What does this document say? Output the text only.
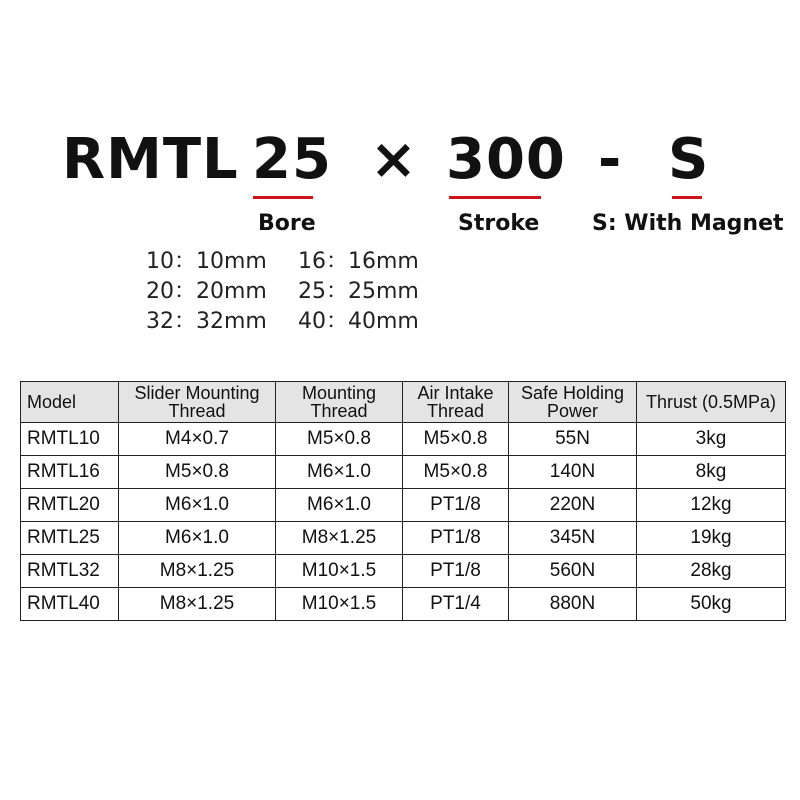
RMTL 25 × 300 - S
Bore	Stroke S: With Magnet
10：10mm 16：16mm
20：20mm 25：25mm
32：32mm 40：40mm
Model	Slider Mounting Thread	Mounting Thread	Air Intake Thread	Safe Holding Power	Thrust (0.5MPa)
RMTL10	M4×0.7	M5×0.8	M5×0.8	55N	3kg
RMTL16	M5×0.8	M6×1.0	M5×0.8	140N	8kg
RMTL20	M6×1.0	M6×1.0	PT1/8	220N	12kg
RMTL25	M6×1.0	M8×1.25	PT1/8	345N	19kg
RMTL32	M8×1.25	M10×1.5	PT1/8	560N	28kg
RMTL40	M8×1.25	M10×1.5	PT1/4	880N	50kg
